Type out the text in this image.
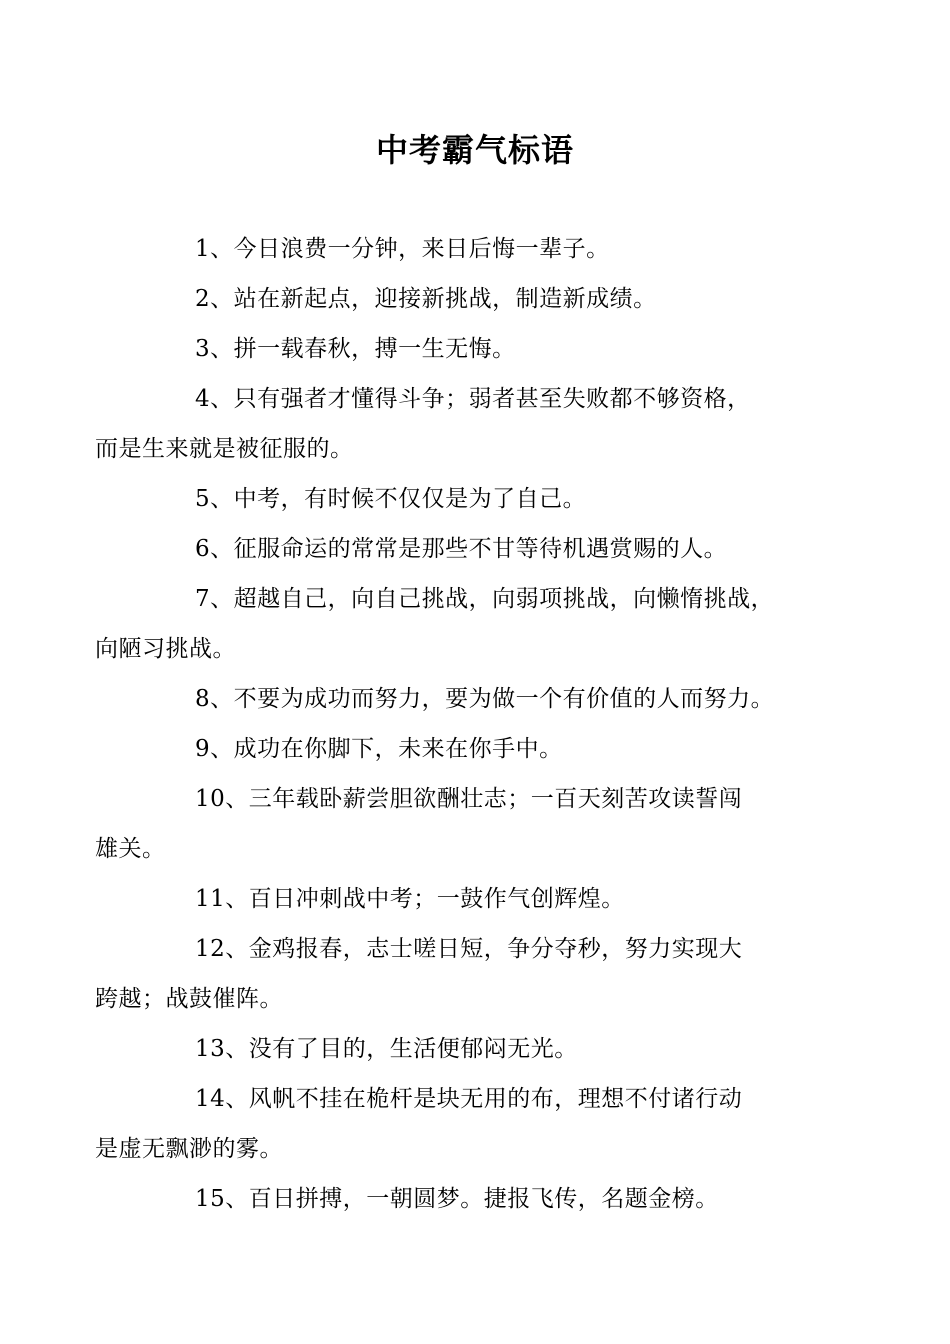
中考霸气标语

1、今日浪费一分钟，来日后悔一辈子。

2、站在新起点，迎接新挑战，制造新成绩。

3、拼一载春秋，搏一生无悔。

4、只有强者才懂得斗争；弱者甚至失败都不够资格，
而是生来就是被征服的。

5、中考，有时候不仅仅是为了自己。

6、征服命运的常常是那些不甘等待机遇赏赐的人。

7、超越自己，向自己挑战，向弱项挑战，向懒惰挑战，
向陋习挑战。

8、不要为成功而努力，要为做一个有价值的人而努力。

9、成功在你脚下，未来在你手中。

10、三年载卧薪尝胆欲酬壮志；一百天刻苦攻读誓闯
雄关。

11、百日冲刺战中考；一鼓作气创辉煌。

12、金鸡报春，志士嗟日短，争分夺秒，努力实现大
跨越；战鼓催阵。

13、没有了目的，生活便郁闷无光。

14、风帆不挂在桅杆是块无用的布，理想不付诸行动
是虚无飘渺的雾。

15、百日拼搏，一朝圆梦。捷报飞传，名题金榜。
